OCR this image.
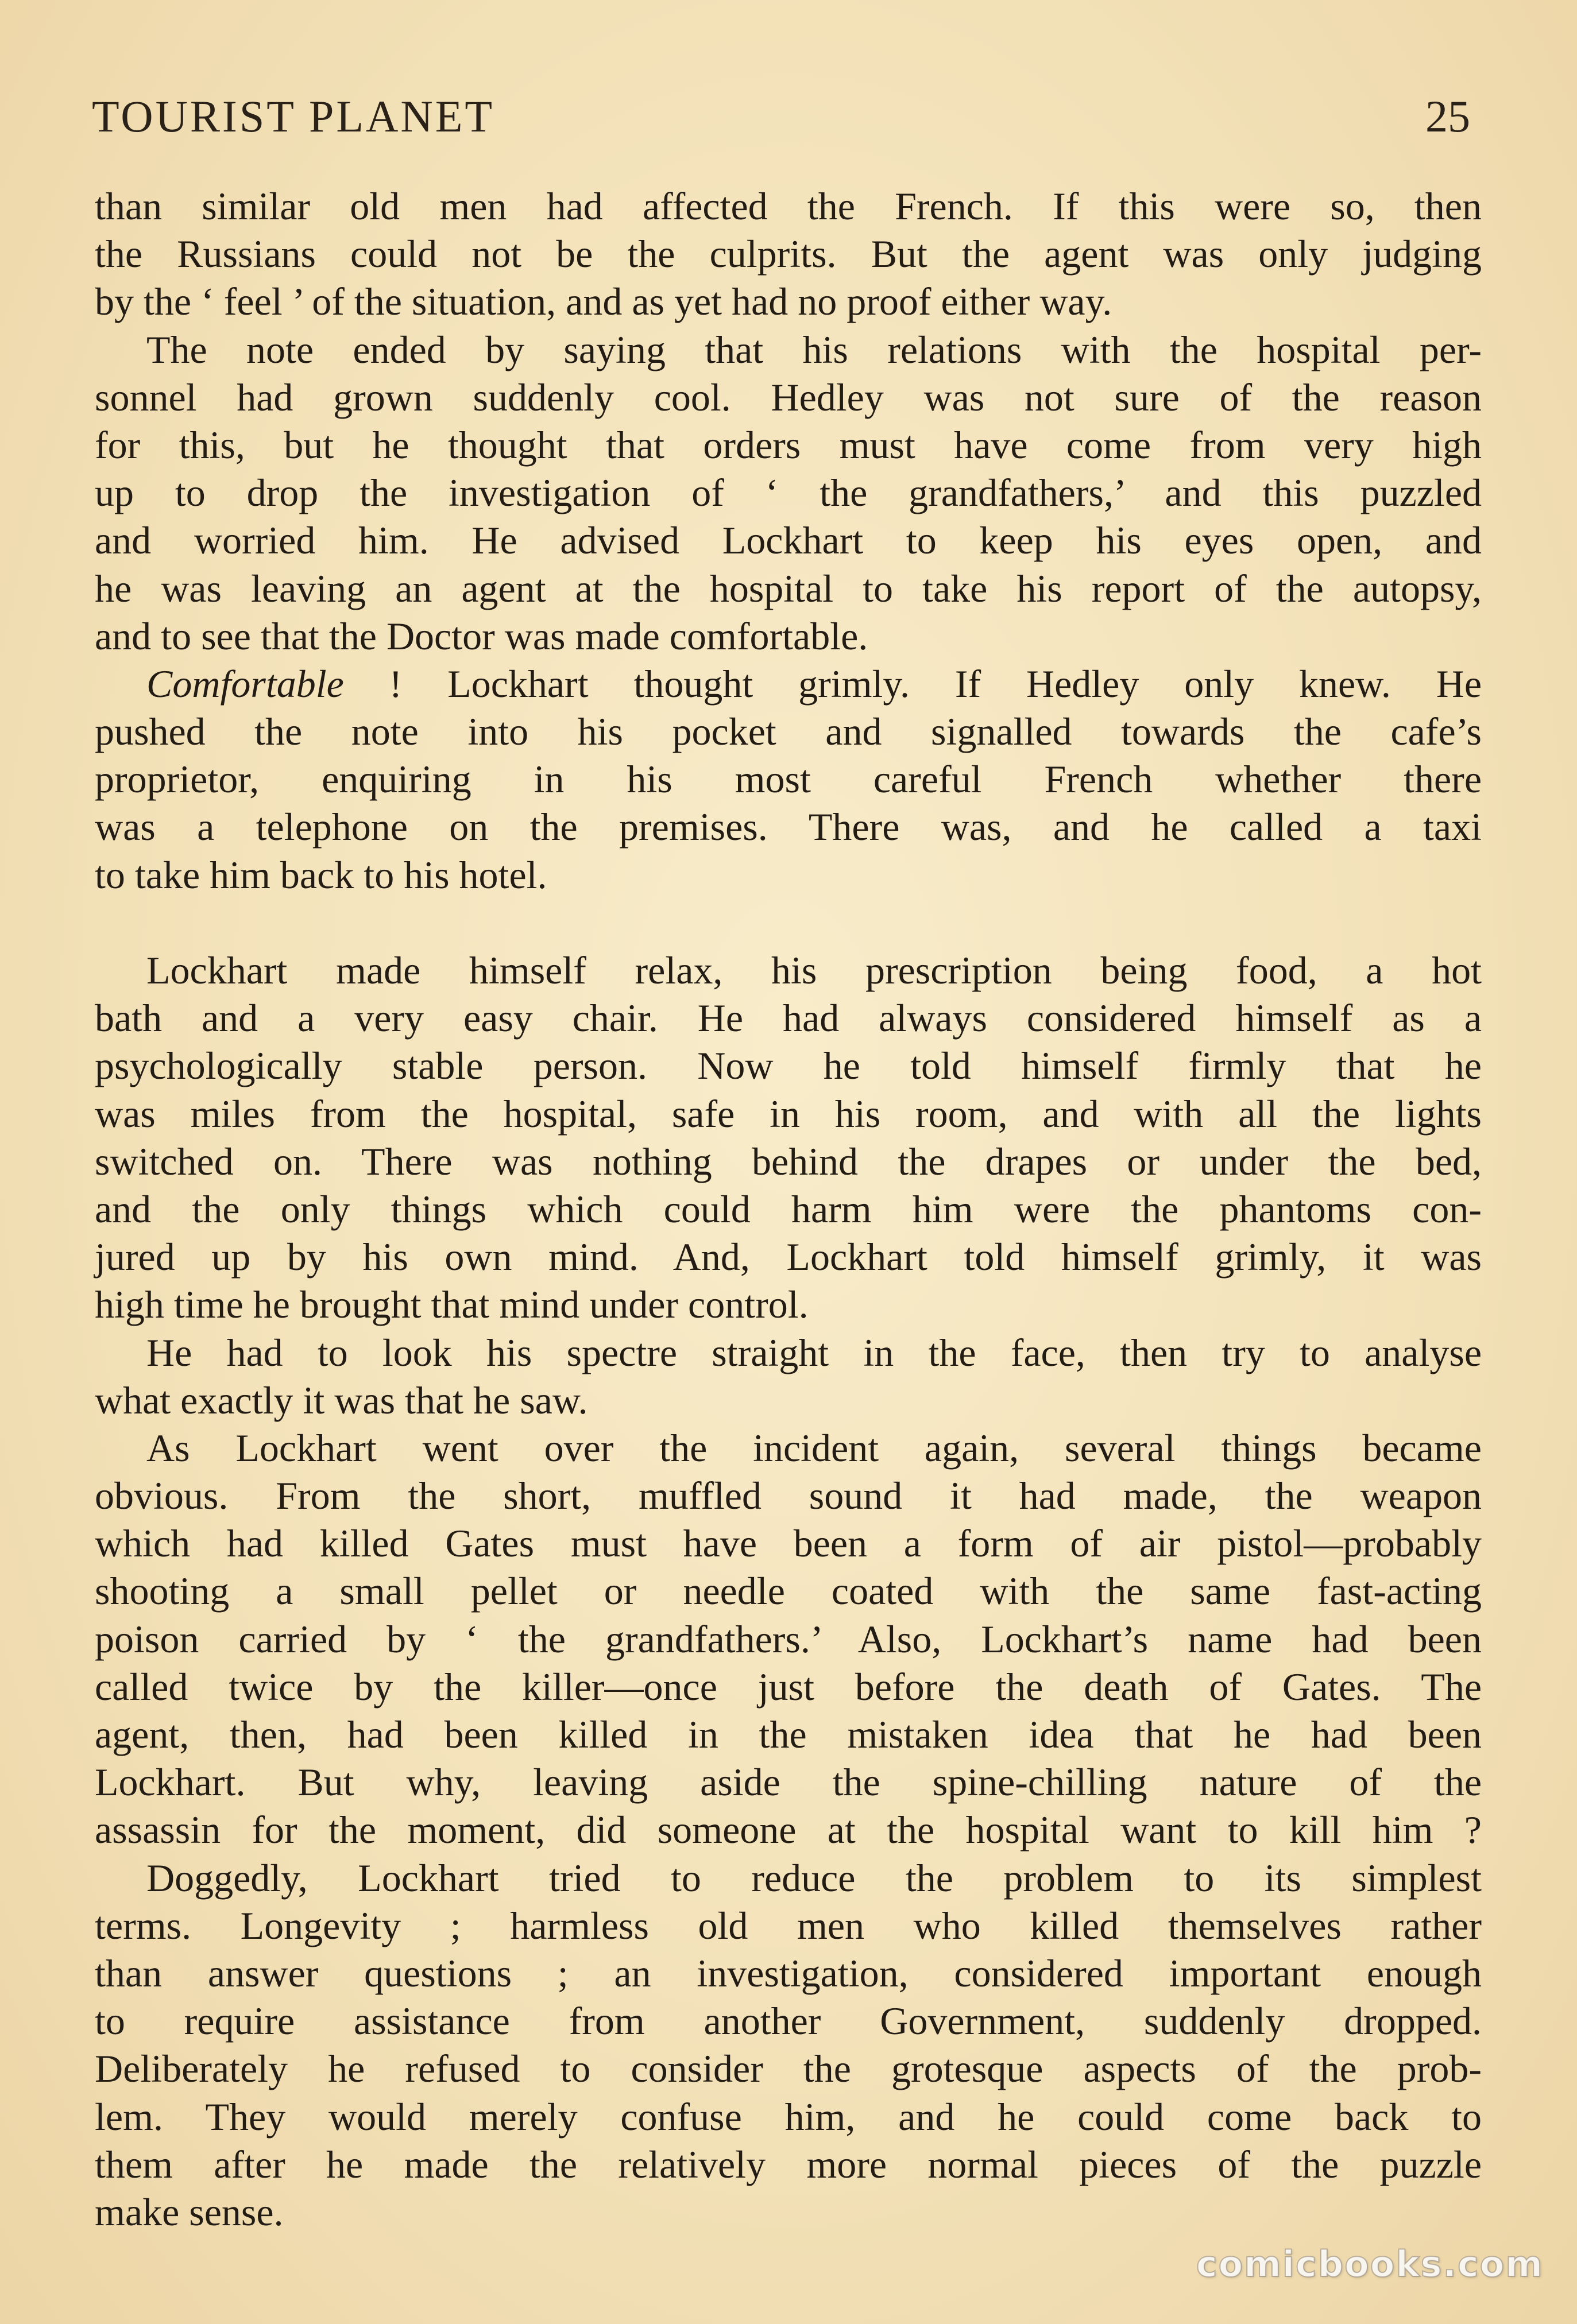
TOURIST PLANET	25
than similar old men had affected the French. If this were so, then
the Russians could not be the culprits. But the agent was only judging
by the ‘ feel ’ of the situation, and as yet had no proof either way.
The note ended by saying that his relations with the hospital per-
sonnel had grown suddenly cool. Hedley was not sure of the reason
for this, but he thought that orders must have come from very high
up to drop the investigation of ‘ the grandfathers,’ and this puzzled
and worried him. He advised Lockhart to keep his eyes open, and
he was leaving an agent at the hospital to take his report of the autopsy,
and to see that the Doctor was made comfortable.
Comfortable ! Lockhart thought grimly. If Hedley only knew. He
pushed the note into his pocket and signalled towards the cafe’s
proprietor, enquiring in his most careful French whether there
was a telephone on the premises. There was, and he called a taxi
to take him back to his hotel.
Lockhart made himself relax, his prescription being food, a hot
bath and a very easy chair. He had always considered himself as a
psychologically stable person. Now he told himself firmly that he
was miles from the hospital, safe in his room, and with all the lights
switched on. There was nothing behind the drapes or under the bed,
and the only things which could harm him were the phantoms con-
jured up by his own mind. And, Lockhart told himself grimly, it was
high time he brought that mind under control.
He had to look his spectre straight in the face, then try to analyse
what exactly it was that he saw.
As Lockhart went over the incident again, several things became
obvious. From the short, muffled sound it had made, the weapon
which had killed Gates must have been a form of air pistol—probably
shooting a small pellet or needle coated with the same fast-acting
poison carried by ‘ the grandfathers.’ Also, Lockhart’s name had been
called twice by the killer—once just before the death of Gates. The
agent, then, had been killed in the mistaken idea that he had been
Lockhart. But why, leaving aside the spine-chilling nature of the
assassin for the moment, did someone at the hospital want to kill him ?
Doggedly, Lockhart tried to reduce the problem to its simplest
terms. Longevity ; harmless old men who killed themselves rather
than answer questions ; an investigation, considered important enough
to require assistance from another Government, suddenly dropped.
Deliberately he refused to consider the grotesque aspects of the prob-
lem. They would merely confuse him, and he could come back to
them after he made the relatively more normal pieces of the puzzle
make sense.
comicbooks.com
